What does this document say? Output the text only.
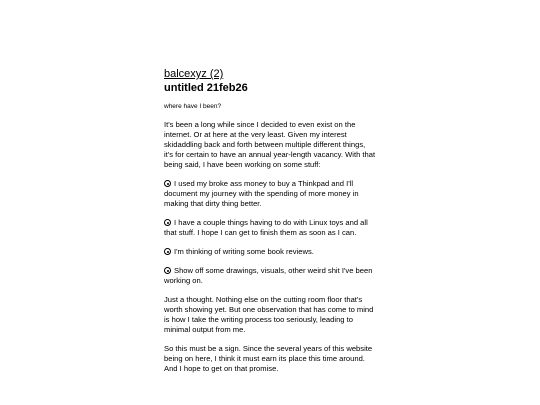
balcexyz (2)
untitled 21feb26

where have I been?

It's been a long while since I decided to even exist on the internet. Or at here at the very least. Given my interest skidaddling back and forth between multiple different things, it's for certain to have an annual year-length vacancy. With that being said, I have been working on some stuff:

I used my broke ass money to buy a Thinkpad and I'll document my journey with the spending of more money in making that dirty thing better.

I have a couple things having to do with Linux toys and all that stuff. I hope I can get to finish them as soon as I can.

I'm thinking of writing some book reviews.

Show off some drawings, visuals, other weird shit I've been working on.

Just a thought. Nothing else on the cutting room floor that's worth showing yet. But one observation that has come to mind is how I take the writing process too seriously, leading to minimal output from me.

So this must be a sign. Since the several years of this website being on here, I think it must earn its place this time around. And I hope to get on that promise.
